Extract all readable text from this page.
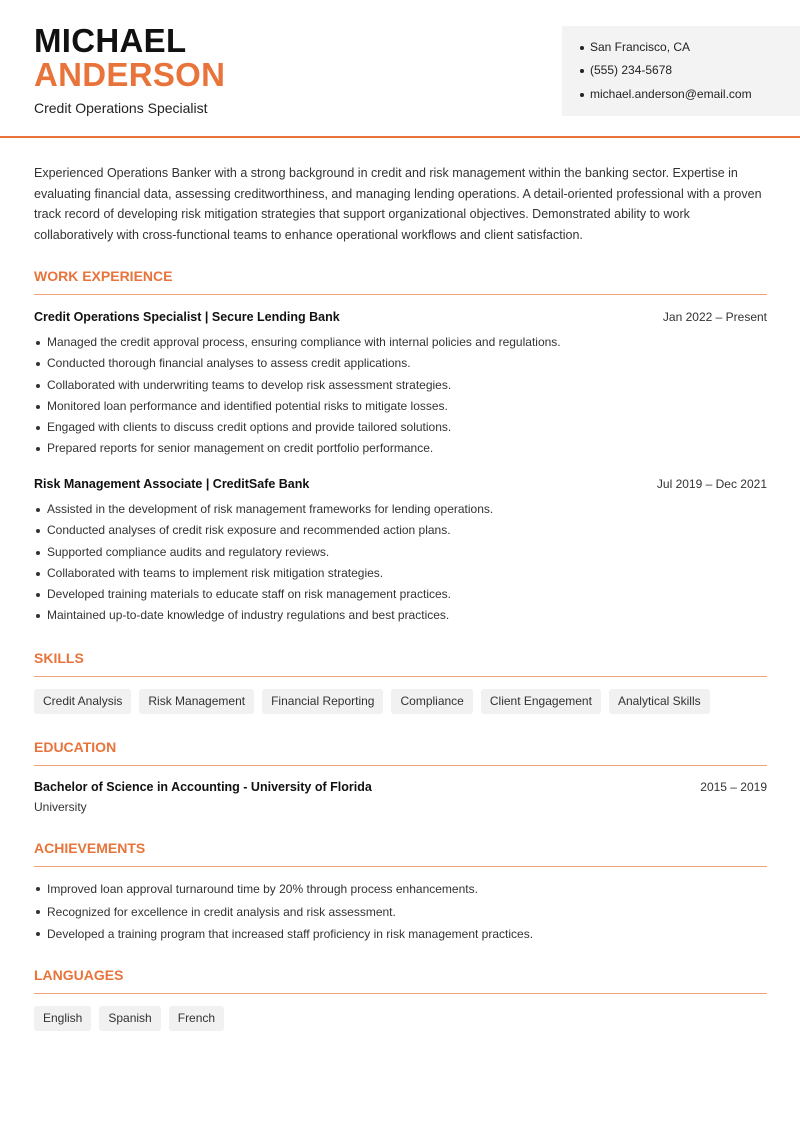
MICHAEL
ANDERSON
Credit Operations Specialist
San Francisco, CA
(555) 234-5678
michael.anderson@email.com
Experienced Operations Banker with a strong background in credit and risk management within the banking sector. Expertise in evaluating financial data, assessing creditworthiness, and managing lending operations. A detail-oriented professional with a proven track record of developing risk mitigation strategies that support organizational objectives. Demonstrated ability to work collaboratively with cross-functional teams to enhance operational workflows and client satisfaction.
WORK EXPERIENCE
Credit Operations Specialist | Secure Lending Bank	Jan 2022 – Present
Managed the credit approval process, ensuring compliance with internal policies and regulations.
Conducted thorough financial analyses to assess credit applications.
Collaborated with underwriting teams to develop risk assessment strategies.
Monitored loan performance and identified potential risks to mitigate losses.
Engaged with clients to discuss credit options and provide tailored solutions.
Prepared reports for senior management on credit portfolio performance.
Risk Management Associate | CreditSafe Bank	Jul 2019 – Dec 2021
Assisted in the development of risk management frameworks for lending operations.
Conducted analyses of credit risk exposure and recommended action plans.
Supported compliance audits and regulatory reviews.
Collaborated with teams to implement risk mitigation strategies.
Developed training materials to educate staff on risk management practices.
Maintained up-to-date knowledge of industry regulations and best practices.
SKILLS
Credit Analysis	Risk Management	Financial Reporting	Compliance	Client Engagement	Analytical Skills
EDUCATION
Bachelor of Science in Accounting - University of Florida	2015 – 2019
University
ACHIEVEMENTS
Improved loan approval turnaround time by 20% through process enhancements.
Recognized for excellence in credit analysis and risk assessment.
Developed a training program that increased staff proficiency in risk management practices.
LANGUAGES
English	Spanish	French
